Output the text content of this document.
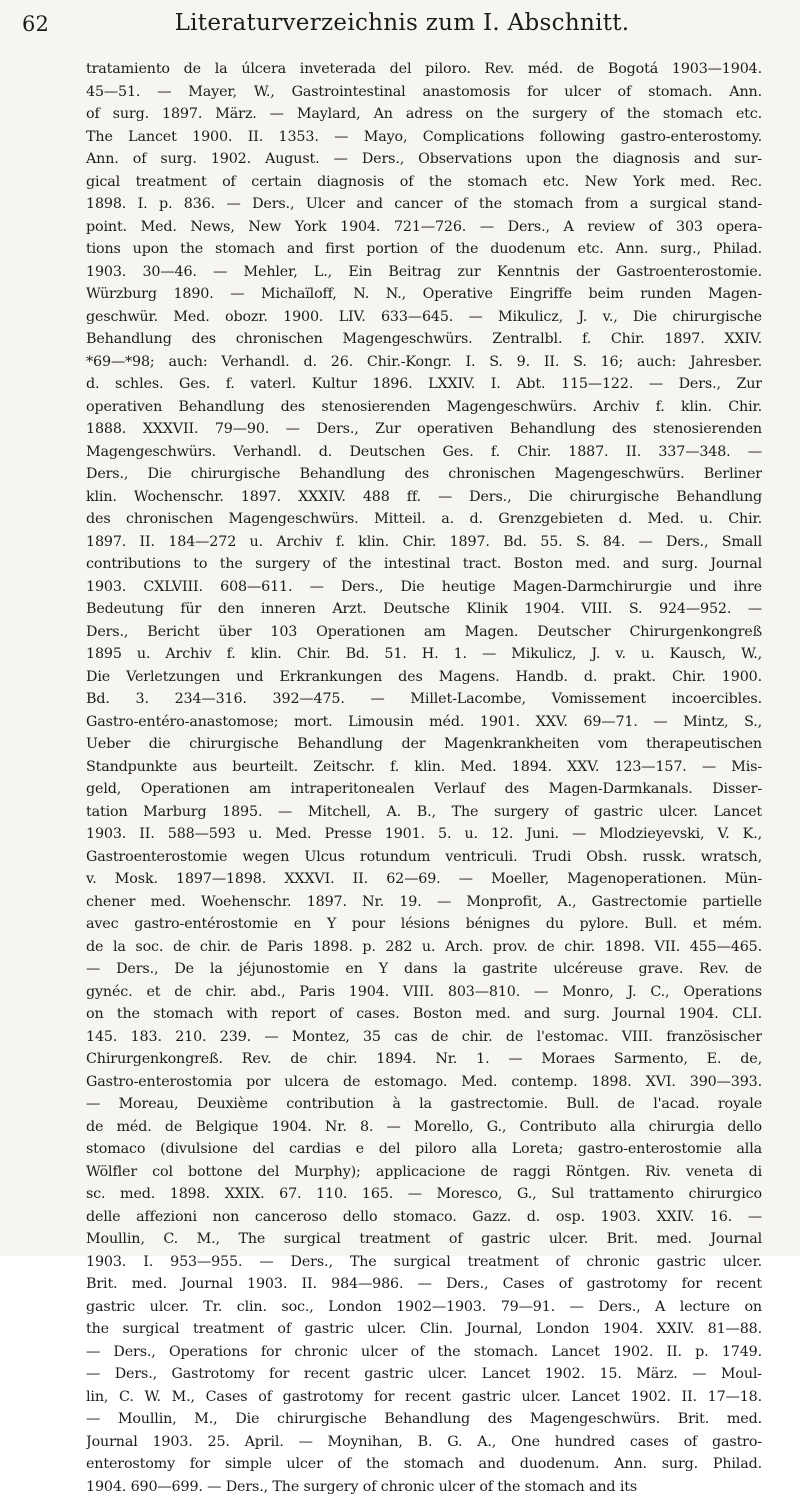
62	Literaturverzeichnis zum I. Abschnitt.
tratamiento de la úlcera inveterada del piloro. Rev. méd. de Bogotá 1903—1904.
45—51. — Mayer, W., Gastrointestinal anastomosis for ulcer of stomach. Ann.
of surg. 1897. März. — Maylard, An adress on the surgery of the stomach etc.
The Lancet 1900. II. 1353. — Mayo, Complications following gastro-enterostomy.
Ann. of surg. 1902. August. — Ders., Observations upon the diagnosis and sur-
gical treatment of certain diagnosis of the stomach etc. New York med. Rec.
1898. I. p. 836. — Ders., Ulcer and cancer of the stomach from a surgical stand-
point. Med. News, New York 1904. 721—726. — Ders., A review of 303 opera-
tions upon the stomach and first portion of the duodenum etc. Ann. surg., Philad.
1903. 30—46. — Mehler, L., Ein Beitrag zur Kenntnis der Gastroenterostomie.
Würzburg 1890. — Michaïloff, N. N., Operative Eingriffe beim runden Magen-
geschwür. Med. obozr. 1900. LIV. 633—645. — Mikulicz, J. v., Die chirurgische
Behandlung des chronischen Magengeschwürs. Zentralbl. f. Chir. 1897. XXIV.
*69—*98; auch: Verhandl. d. 26. Chir.-Kongr. I. S. 9. II. S. 16; auch: Jahresber.
d. schles. Ges. f. vaterl. Kultur 1896. LXXIV. I. Abt. 115—122. — Ders., Zur
operativen Behandlung des stenosierenden Magengeschwürs. Archiv f. klin. Chir.
1888. XXXVII. 79—90. — Ders., Zur operativen Behandlung des stenosierenden
Magengeschwürs. Verhandl. d. Deutschen Ges. f. Chir. 1887. II. 337—348. —
Ders., Die chirurgische Behandlung des chronischen Magengeschwürs. Berliner
klin. Wochenschr. 1897. XXXIV. 488 ff. — Ders., Die chirurgische Behandlung
des chronischen Magengeschwürs. Mitteil. a. d. Grenzgebieten d. Med. u. Chir.
1897. II. 184—272 u. Archiv f. klin. Chir. 1897. Bd. 55. S. 84. — Ders., Small
contributions to the surgery of the intestinal tract. Boston med. and surg. Journal
1903. CXLVIII. 608—611. — Ders., Die heutige Magen-Darmchirurgie und ihre
Bedeutung für den inneren Arzt. Deutsche Klinik 1904. VIII. S. 924—952. —
Ders., Bericht über 103 Operationen am Magen. Deutscher Chirurgenkongreß
1895 u. Archiv f. klin. Chir. Bd. 51. H. 1. — Mikulicz, J. v. u. Kausch, W.,
Die Verletzungen und Erkrankungen des Magens. Handb. d. prakt. Chir. 1900.
Bd. 3. 234—316. 392—475. — Millet-Lacombe, Vomissement incoercibles.
Gastro-entéro-anastomose; mort. Limousin méd. 1901. XXV. 69—71. — Mintz, S.,
Ueber die chirurgische Behandlung der Magenkrankheiten vom therapeutischen
Standpunkte aus beurteilt. Zeitschr. f. klin. Med. 1894. XXV. 123—157. — Mis-
geld, Operationen am intraperitonealen Verlauf des Magen-Darmkanals. Disser-
tation Marburg 1895. — Mitchell, A. B., The surgery of gastric ulcer. Lancet
1903. II. 588—593 u. Med. Presse 1901. 5. u. 12. Juni. — Mlodzieyevski, V. K.,
Gastroenterostomie wegen Ulcus rotundum ventriculi. Trudi Obsh. russk. wratsch,
v. Mosk. 1897—1898. XXXVI. II. 62—69. — Moeller, Magenoperationen. Mün-
chener med. Woehenschr. 1897. Nr. 19. — Monprofit, A., Gastrectomie partielle
avec gastro-entérostomie en Y pour lésions bénignes du pylore. Bull. et mém.
de la soc. de chir. de Paris 1898. p. 282 u. Arch. prov. de chir. 1898. VII. 455—465.
— Ders., De la jéjunostomie en Y dans la gastrite ulcéreuse grave. Rev. de
gynéc. et de chir. abd., Paris 1904. VIII. 803—810. — Monro, J. C., Operations
on the stomach with report of cases. Boston med. and surg. Journal 1904. CLI.
145. 183. 210. 239. — Montez, 35 cas de chir. de l'estomac. VIII. französischer
Chirurgenkongreß. Rev. de chir. 1894. Nr. 1. — Moraes Sarmento, E. de,
Gastro-enterostomia por ulcera de estomago. Med. contemp. 1898. XVI. 390—393.
— Moreau, Deuxième contribution à la gastrectomie. Bull. de l'acad. royale
de méd. de Belgique 1904. Nr. 8. — Morello, G., Contributo alla chirurgia dello
stomaco (divulsione del cardias e del piloro alla Loreta; gastro-enterostomie alla
Wölfler col bottone del Murphy); applicacione de raggi Röntgen. Riv. veneta di
sc. med. 1898. XXIX. 67. 110. 165. — Moresco, G., Sul trattamento chirurgico
delle affezioni non canceroso dello stomaco. Gazz. d. osp. 1903. XXIV. 16. —
Moullin, C. M., The surgical treatment of gastric ulcer. Brit. med. Journal
1903. I. 953—955. — Ders., The surgical treatment of chronic gastric ulcer.
Brit. med. Journal 1903. II. 984—986. — Ders., Cases of gastrotomy for recent
gastric ulcer. Tr. clin. soc., London 1902—1903. 79—91. — Ders., A lecture on
the surgical treatment of gastric ulcer. Clin. Journal, London 1904. XXIV. 81—88.
— Ders., Operations for chronic ulcer of the stomach. Lancet 1902. II. p. 1749.
— Ders., Gastrotomy for recent gastric ulcer. Lancet 1902. 15. März. — Moul-
lin, C. W. M., Cases of gastrotomy for recent gastric ulcer. Lancet 1902. II. 17—18.
— Moullin, M., Die chirurgische Behandlung des Magengeschwürs. Brit. med.
Journal 1903. 25. April. — Moynihan, B. G. A., One hundred cases of gastro-
enterostomy for simple ulcer of the stomach and duodenum. Ann. surg. Philad.
1904. 690—699. — Ders., The surgery of chronic ulcer of the stomach and its
